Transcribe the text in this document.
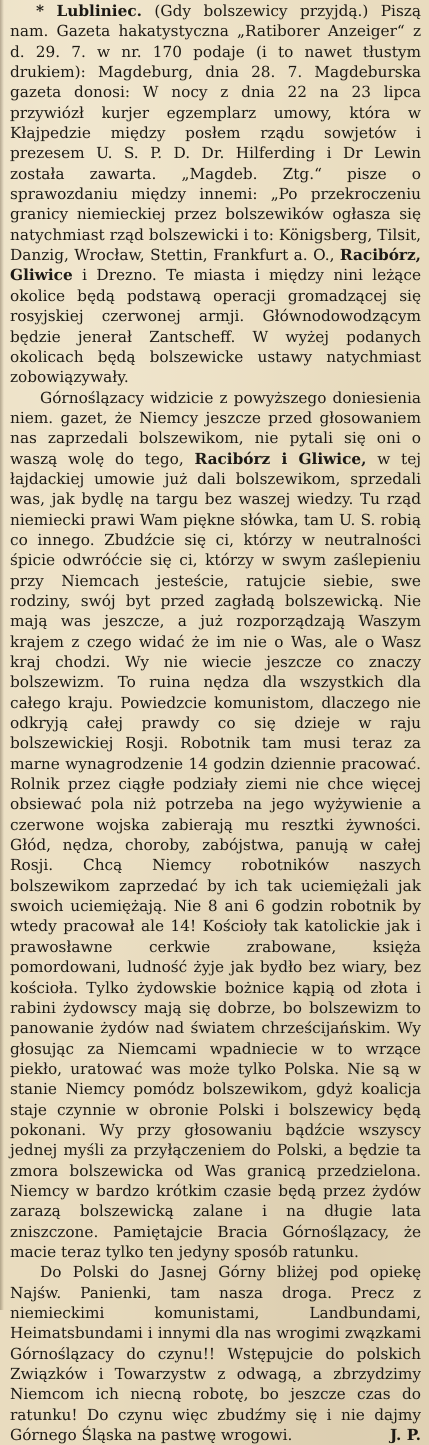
* Lubliniec. (Gdy bolszewicy przyjdą.) Piszą nam. Gazeta hakatystyczna „Ratiborer Anzeiger“ z d. 29. 7. w nr. 170 podaje (i to nawet tłustym drukiem): Magdeburg, dnia 28. 7. Magdeburska gazeta donosi: W nocy z dnia 22 na 23 lipca przywiózł kurjer egzemplarz umowy, która w Kłajpedzie między posłem rządu sowjetów i prezesem U. S. P. D. Dr. Hilferding i Dr Lewin została zawarta. „Magdeb. Ztg.“ pisze o sprawozdaniu między innemi: „Po przekroczeniu granicy niemieckiej przez bolszewików ogłasza się natychmiast rząd bolszewicki i to: Königsberg, Tilsit, Danzig, Wrocław, Stettin, Frankfurt a. O., Racibórz, Gliwice i Drezno. Te miasta i między nini leżące okolice będą podstawą operacji gromadzącej się rosyjskiej czerwonej armji. Głównodowodzącym będzie jenerał Zantscheff. W wyżej podanych okolicach będą bolszewicke ustawy natychmiast zobowiązywały.

Górnoślązacy widzicie z powyższego doniesienia niem. gazet, że Niemcy jeszcze przed głosowaniem nas zaprzedali bolszewikom, nie pytali się oni o waszą wolę do tego, Racibórz i Gliwice, w tej łajdackiej umowie już dali bolszewikom, sprzedali was, jak bydlę na targu bez waszej wiedzy. Tu rząd niemiecki prawi Wam piękne słówka, tam U. S. robią co innego. Zbudźcie się ci, którzy w neutralności śpicie odwróćcie się ci, którzy w swym zaślepieniu przy Niemcach jesteście, ratujcie siebie, swe rodziny, swój byt przed zagładą bolszewicką. Nie mają was jeszcze, a już rozporządzają Waszym krajem z czego widać że im nie o Was, ale o Wasz kraj chodzi. Wy nie wiecie jeszcze co znaczy bolszewizm. To ruina nędza dla wszystkich dla całego kraju. Powiedzcie komunistom, dlaczego nie odkryją całej prawdy co się dzieje w raju bolszewickiej Rosji. Robotnik tam musi teraz za marne wynagrodzenie 14 godzin dziennie pracować. Rolnik przez ciągłe podziały ziemi nie chce więcej obsiewać pola niż potrzeba na jego wyżywienie a czerwone wojska zabierają mu resztki żywności. Głód, nędza, choroby, zabójstwa, panują w całej Rosji. Chcą Niemcy robotników naszych bolszewikom zaprzedać by ich tak uciemiężali jak swoich uciemiężają. Nie 8 ani 6 godzin robotnik by wtedy pracował ale 14! Kościoły tak katolickie jak i prawosławne cerkwie zrabowane, księża pomordowani, ludność żyje jak bydło bez wiary, bez kościoła. Tylko żydowskie bożnice kąpią od złota i rabini żydowscy mają się dobrze, bo bolszewizm to panowanie żydów nad światem chrześcijańskim. Wy głosując za Niemcami wpadniecie w to wrzące piekło, uratować was może tylko Polska. Nie są w stanie Niemcy pomódz bolszewikom, gdyż koalicja staje czynnie w obronie Polski i bolszewicy będą pokonani. Wy przy głosowaniu bądźcie wszyscy jednej myśli za przyłączeniem do Polski, a będzie ta zmora bolszewicka od Was granicą przedzielona. Niemcy w bardzo krótkim czasie będą przez żydów zarazą bolszewicką zalane i na długie lata zniszczone. Pamiętajcie Bracia Górnoślązacy, że macie teraz tylko ten jedyny sposób ratunku.

Do Polski do Jasnej Górny bliżej pod opiekę Najśw. Panienki, tam nasza droga. Precz z niemieckimi komunistami, Landbundami, Heimatsbundami i innymi dla nas wrogimi zwązkami Górnoślązacy do czynu!! Wstępujcie do polskich Związków i Towarzystw z odwagą, a zbrzydzimy Niemcom ich niecną robotę, bo jeszcze czas do ratunku! Do czynu więc zbudźmy się i nie dajmy Górnego Śląska na pastwę wrogowi.	J. P.
